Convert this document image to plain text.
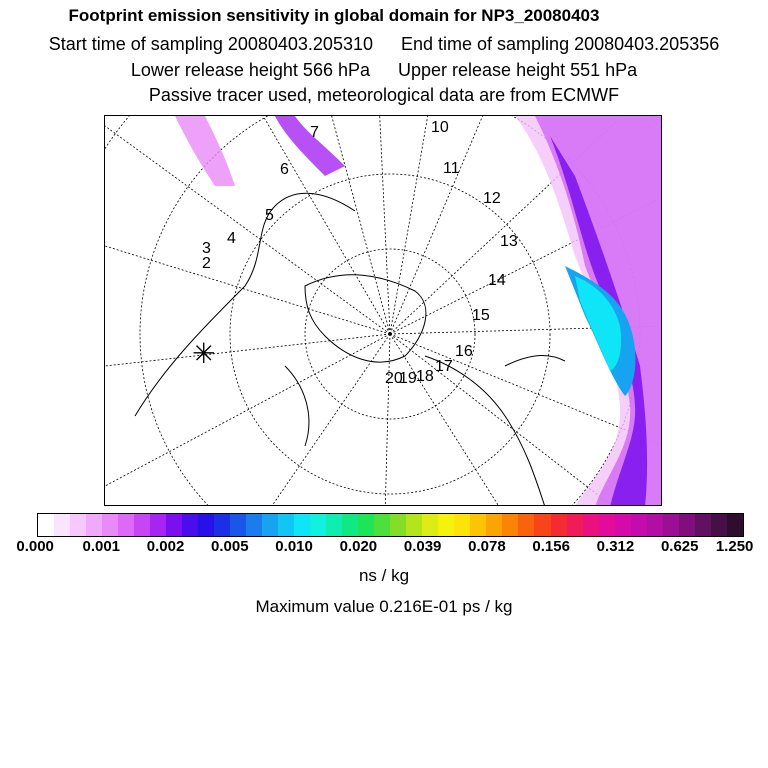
Footprint emission sensitivity in global domain for NP3_20080403
Start time of sampling 20080403.205310 End time of sampling 20080403.205356
Lower release height 566 hPa Upper release height 551 hPa
Passive tracer used, meteorological data are from ECMWF
2
3
4
5
6
7	10
11
12
13
14
15
16
17
18
19
20
✳
ns / kg
Maximum value 0.216E-01 ps / kg
0.000 0.001 0.002 0.005 0.010 0.020 0.039 0.078 0.156 0.312 0.625 1.250
